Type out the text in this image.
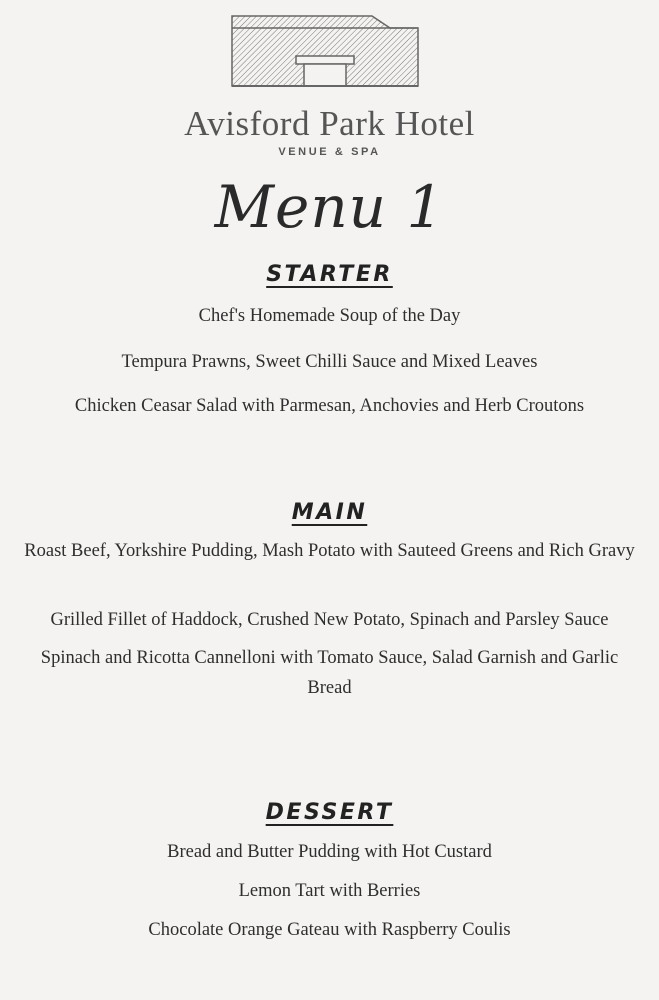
Avisford Park Hotel
VENUE & SPA
Menu 1
STARTER
Chef's Homemade Soup of the Day
Tempura Prawns, Sweet Chilli Sauce and Mixed Leaves
Chicken Ceasar Salad with Parmesan, Anchovies and Herb Croutons
MAIN
Roast Beef, Yorkshire Pudding, Mash Potato with Sauteed Greens and Rich Gravy
Grilled Fillet of Haddock, Crushed New Potato, Spinach and Parsley Sauce
Spinach and Ricotta Cannelloni with Tomato Sauce, Salad Garnish and Garlic Bread
DESSERT
Bread and Butter Pudding with Hot Custard
Lemon Tart with Berries
Chocolate Orange Gateau with Raspberry Coulis
